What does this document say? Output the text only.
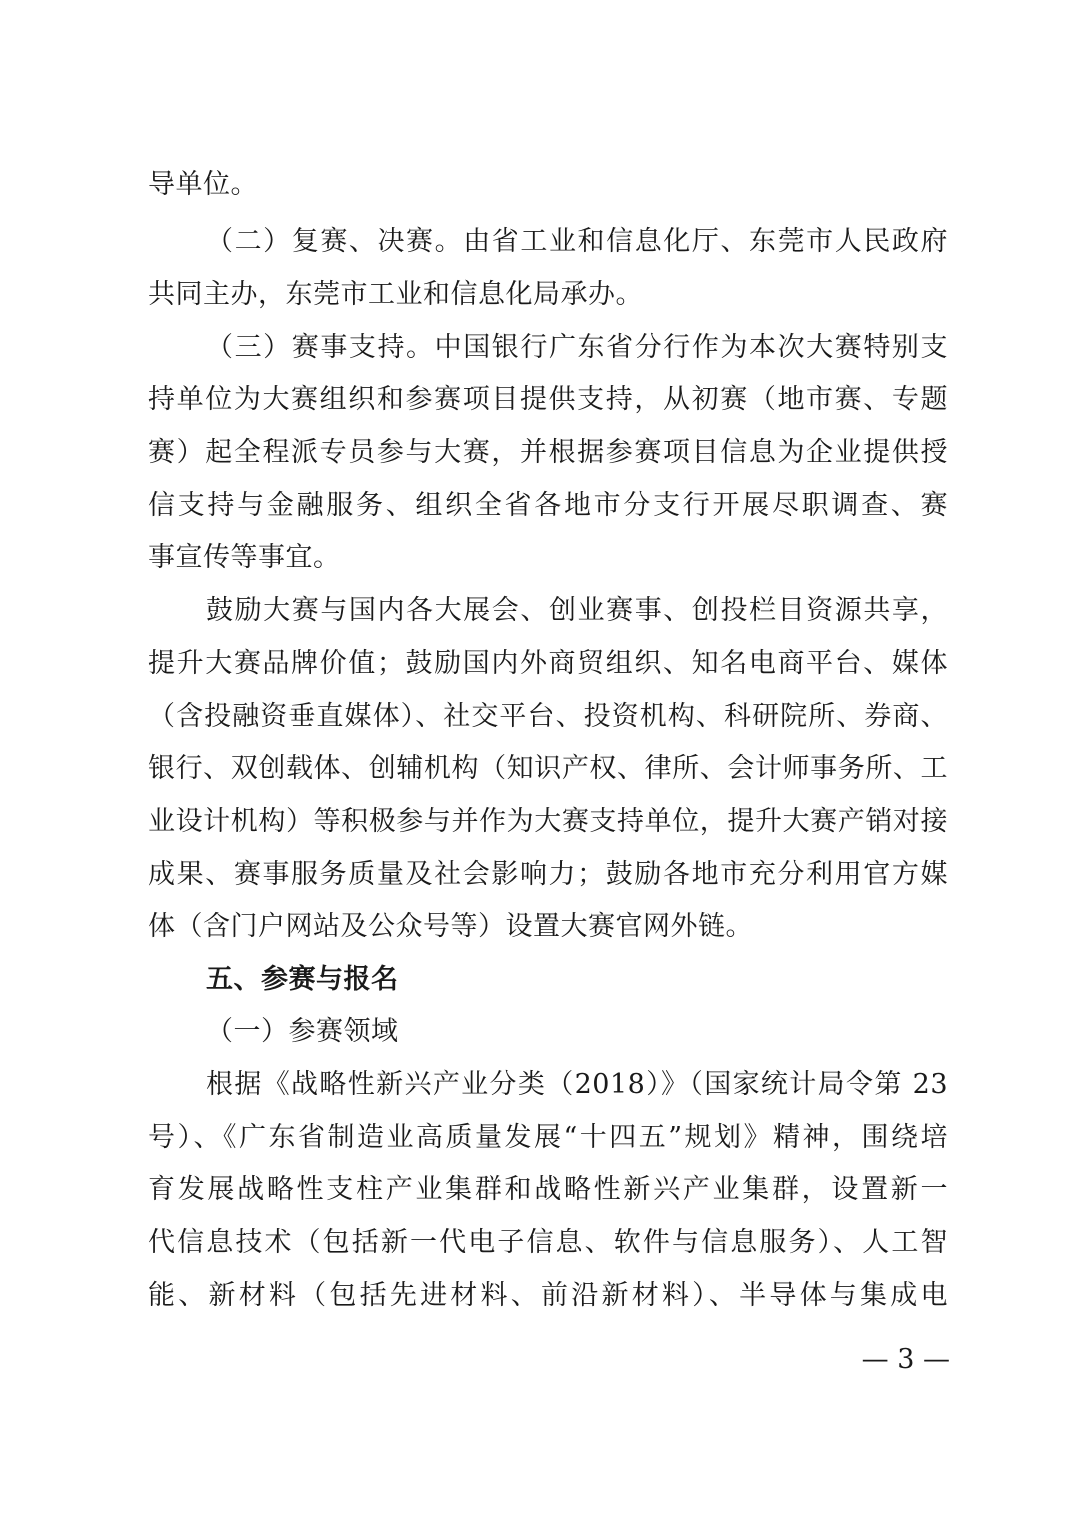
导单位。
（二）复赛、决赛。由省工业和信息化厅、东莞市人民政府
共同主办，东莞市工业和信息化局承办。
（三）赛事支持。中国银行广东省分行作为本次大赛特别支
持单位为大赛组织和参赛项目提供支持，从初赛（地市赛、专题
赛）起全程派专员参与大赛，并根据参赛项目信息为企业提供授
信支持与金融服务、组织全省各地市分支行开展尽职调查、赛
事宣传等事宜。
鼓励大赛与国内各大展会、创业赛事、创投栏目资源共享，
提升大赛品牌价值；鼓励国内外商贸组织、知名电商平台、媒体
（含投融资垂直媒体）、社交平台、投资机构、科研院所、券商、
银行、双创载体、创辅机构（知识产权、律所、会计师事务所、工
业设计机构）等积极参与并作为大赛支持单位，提升大赛产销对接
成果、赛事服务质量及社会影响力；鼓励各地市充分利用官方媒
体（含门户网站及公众号等）设置大赛官网外链。
五、参赛与报名
（一）参赛领域
根据《战略性新兴产业分类（2018）》（国家统计局令第 23
号）、《广东省制造业高质量发展“十四五”规划》精神，围绕培
育发展战略性支柱产业集群和战略性新兴产业集群，设置新一
代信息技术（包括新一代电子信息、软件与信息服务）、人工智
能、新材料（包括先进材料、前沿新材料）、半导体与集成电
— 3 —
